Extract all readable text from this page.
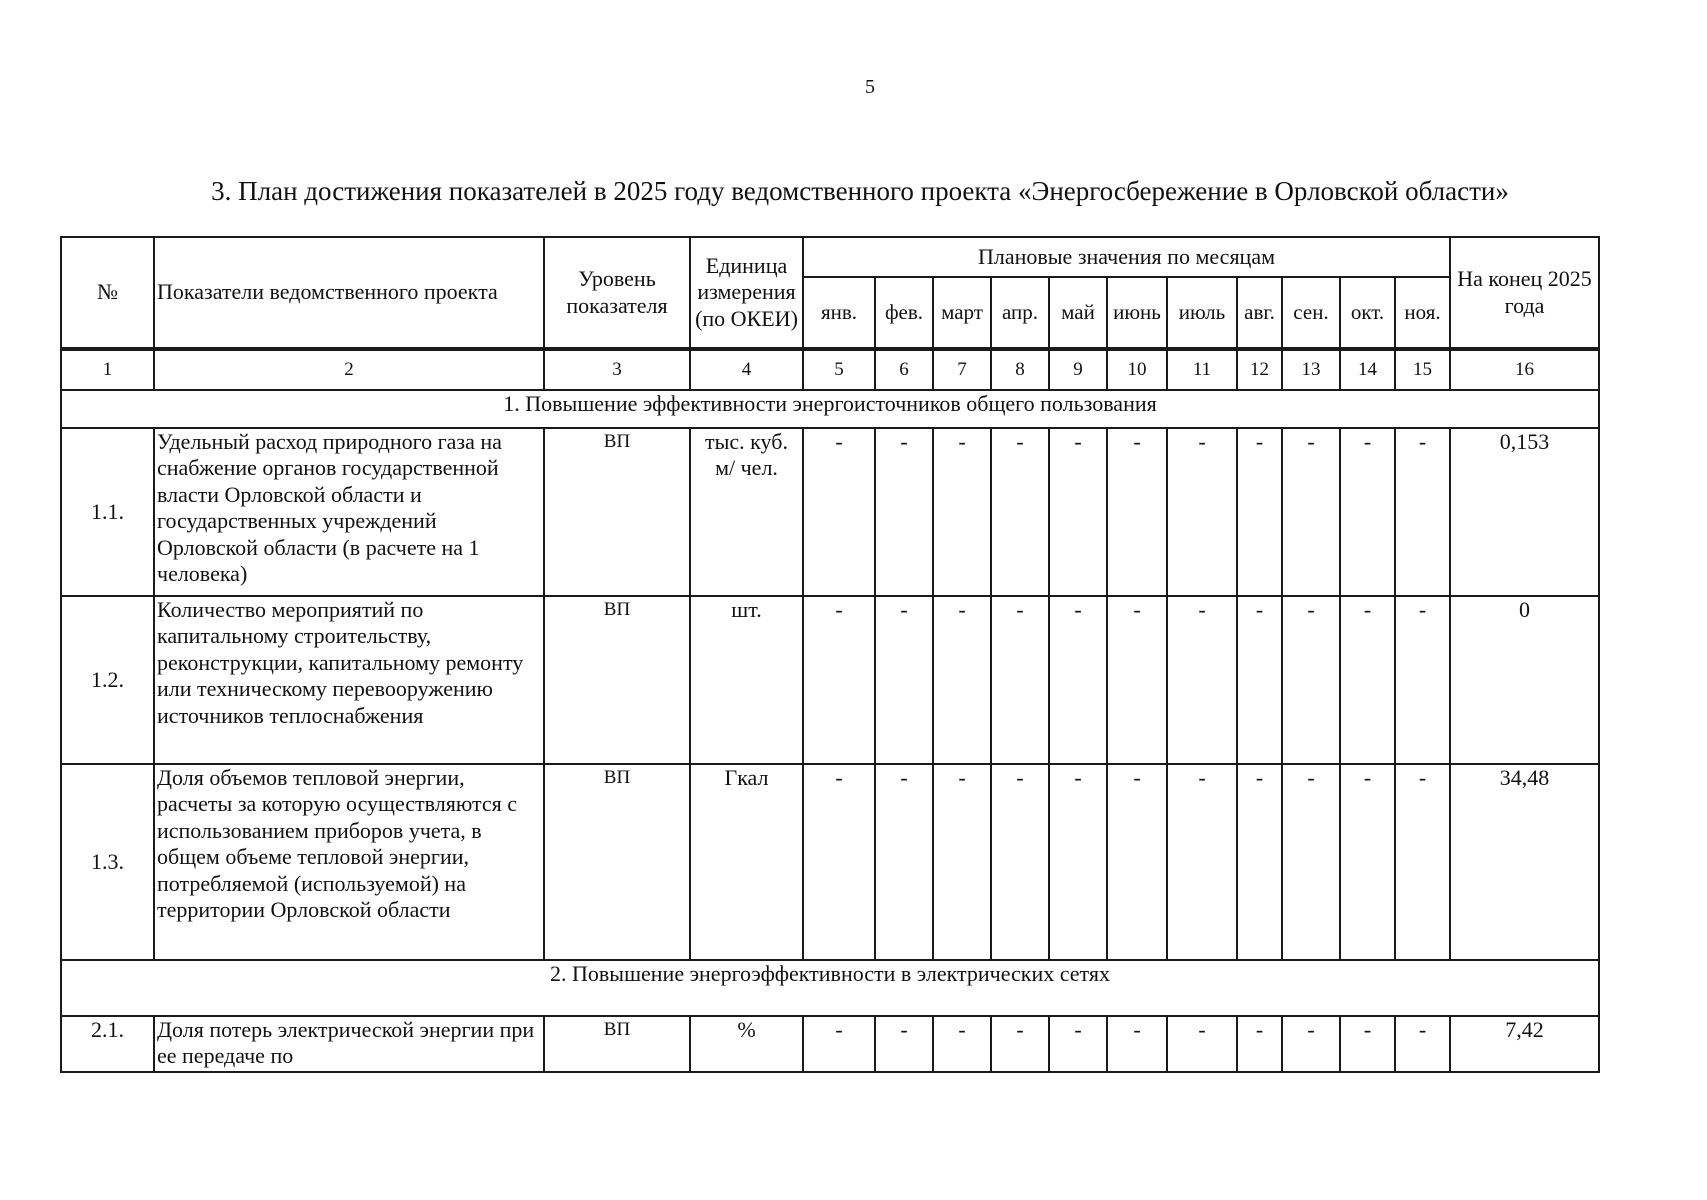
5
3. План достижения показателей в 2025 году ведомственного проекта «Энергосбережение в Орловской области»
№	Показатели ведомственного проекта	Уровень показателя	Единица измерения (по ОКЕИ)	Плановые значения по месяцам											На конец 2025 года
				янв.	фев.	март	апр.	май	июнь	июль	авг.	сен.	окт.	ноя.	
1	2	3	4	5	6	7	8	9	10	11	12	13	14	15	16
1. Повышение эффективности энергоисточников общего пользования															
1.1.	Удельный расход природного газа на снабжение органов государственной власти Орловской области и государственных учреждений Орловской области (в расчете на 1 человека)	ВП	тыс. куб. м/ чел.	-	-	-	-	-	-	-	-	-	-	-	0,153
1.2.	Количество мероприятий по капитальному строительству, реконструкции, капитальному ремонту или техническому перевооружению источников теплоснабжения	ВП	шт.	-	-	-	-	-	-	-	-	-	-	-	0
1.3.	Доля объемов тепловой энергии, расчеты за которую осуществляются с использованием приборов учета, в общем объеме тепловой энергии, потребляемой (используемой) на территории Орловской области	ВП	Гкал	-	-	-	-	-	-	-	-	-	-	-	34,48
2. Повышение энергоэффективности в электрических сетях															
2.1.	Доля потерь электрической энергии при ее передаче по	ВП	%	-	-	-	-	-	-	-	-	-	-	-	7,42
